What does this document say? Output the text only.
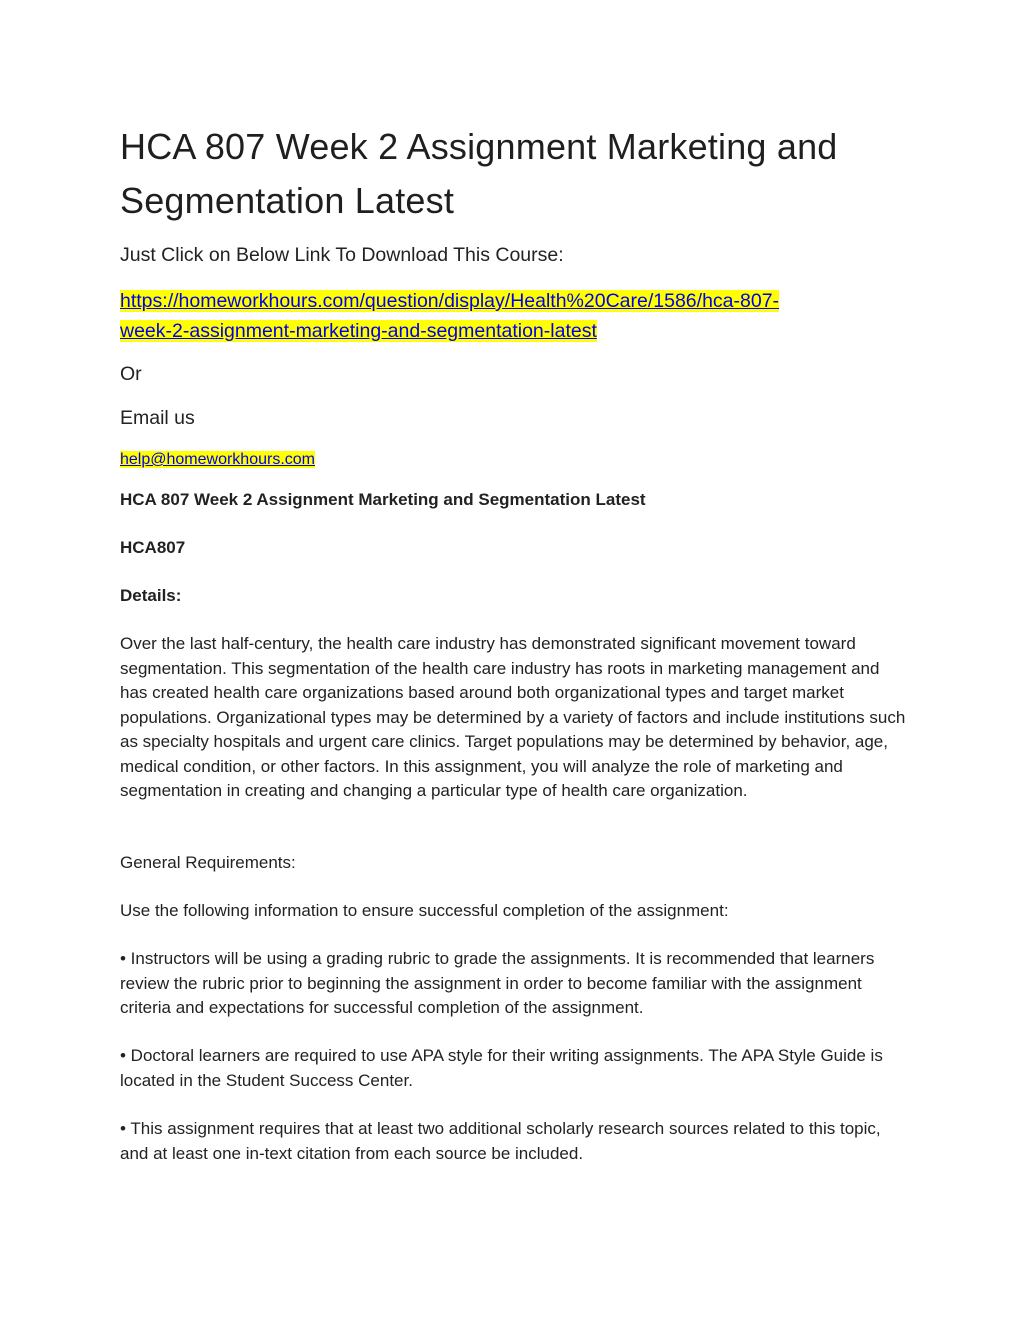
HCA 807 Week 2 Assignment Marketing and Segmentation Latest

Just Click on Below Link To Download This Course:

https://homeworkhours.com/question/display/Health%20Care/1586/hca-807-
week-2-assignment-marketing-and-segmentation-latest

Or

Email us

help@homeworkhours.com

HCA 807 Week 2 Assignment Marketing and Segmentation Latest

HCA807

Details:

Over the last half-century, the health care industry has demonstrated significant movement toward segmentation. This segmentation of the health care industry has roots in marketing management and has created health care organizations based around both organizational types and target market populations. Organizational types may be determined by a variety of factors and include institutions such as specialty hospitals and urgent care clinics. Target populations may be determined by behavior, age, medical condition, or other factors. In this assignment, you will analyze the role of marketing and segmentation in creating and changing a particular type of health care organization.

General Requirements:

Use the following information to ensure successful completion of the assignment:

• Instructors will be using a grading rubric to grade the assignments. It is recommended that learners review the rubric prior to beginning the assignment in order to become familiar with the assignment criteria and expectations for successful completion of the assignment.

• Doctoral learners are required to use APA style for their writing assignments. The APA Style Guide is located in the Student Success Center.

• This assignment requires that at least two additional scholarly research sources related to this topic, and at least one in-text citation from each source be included.
